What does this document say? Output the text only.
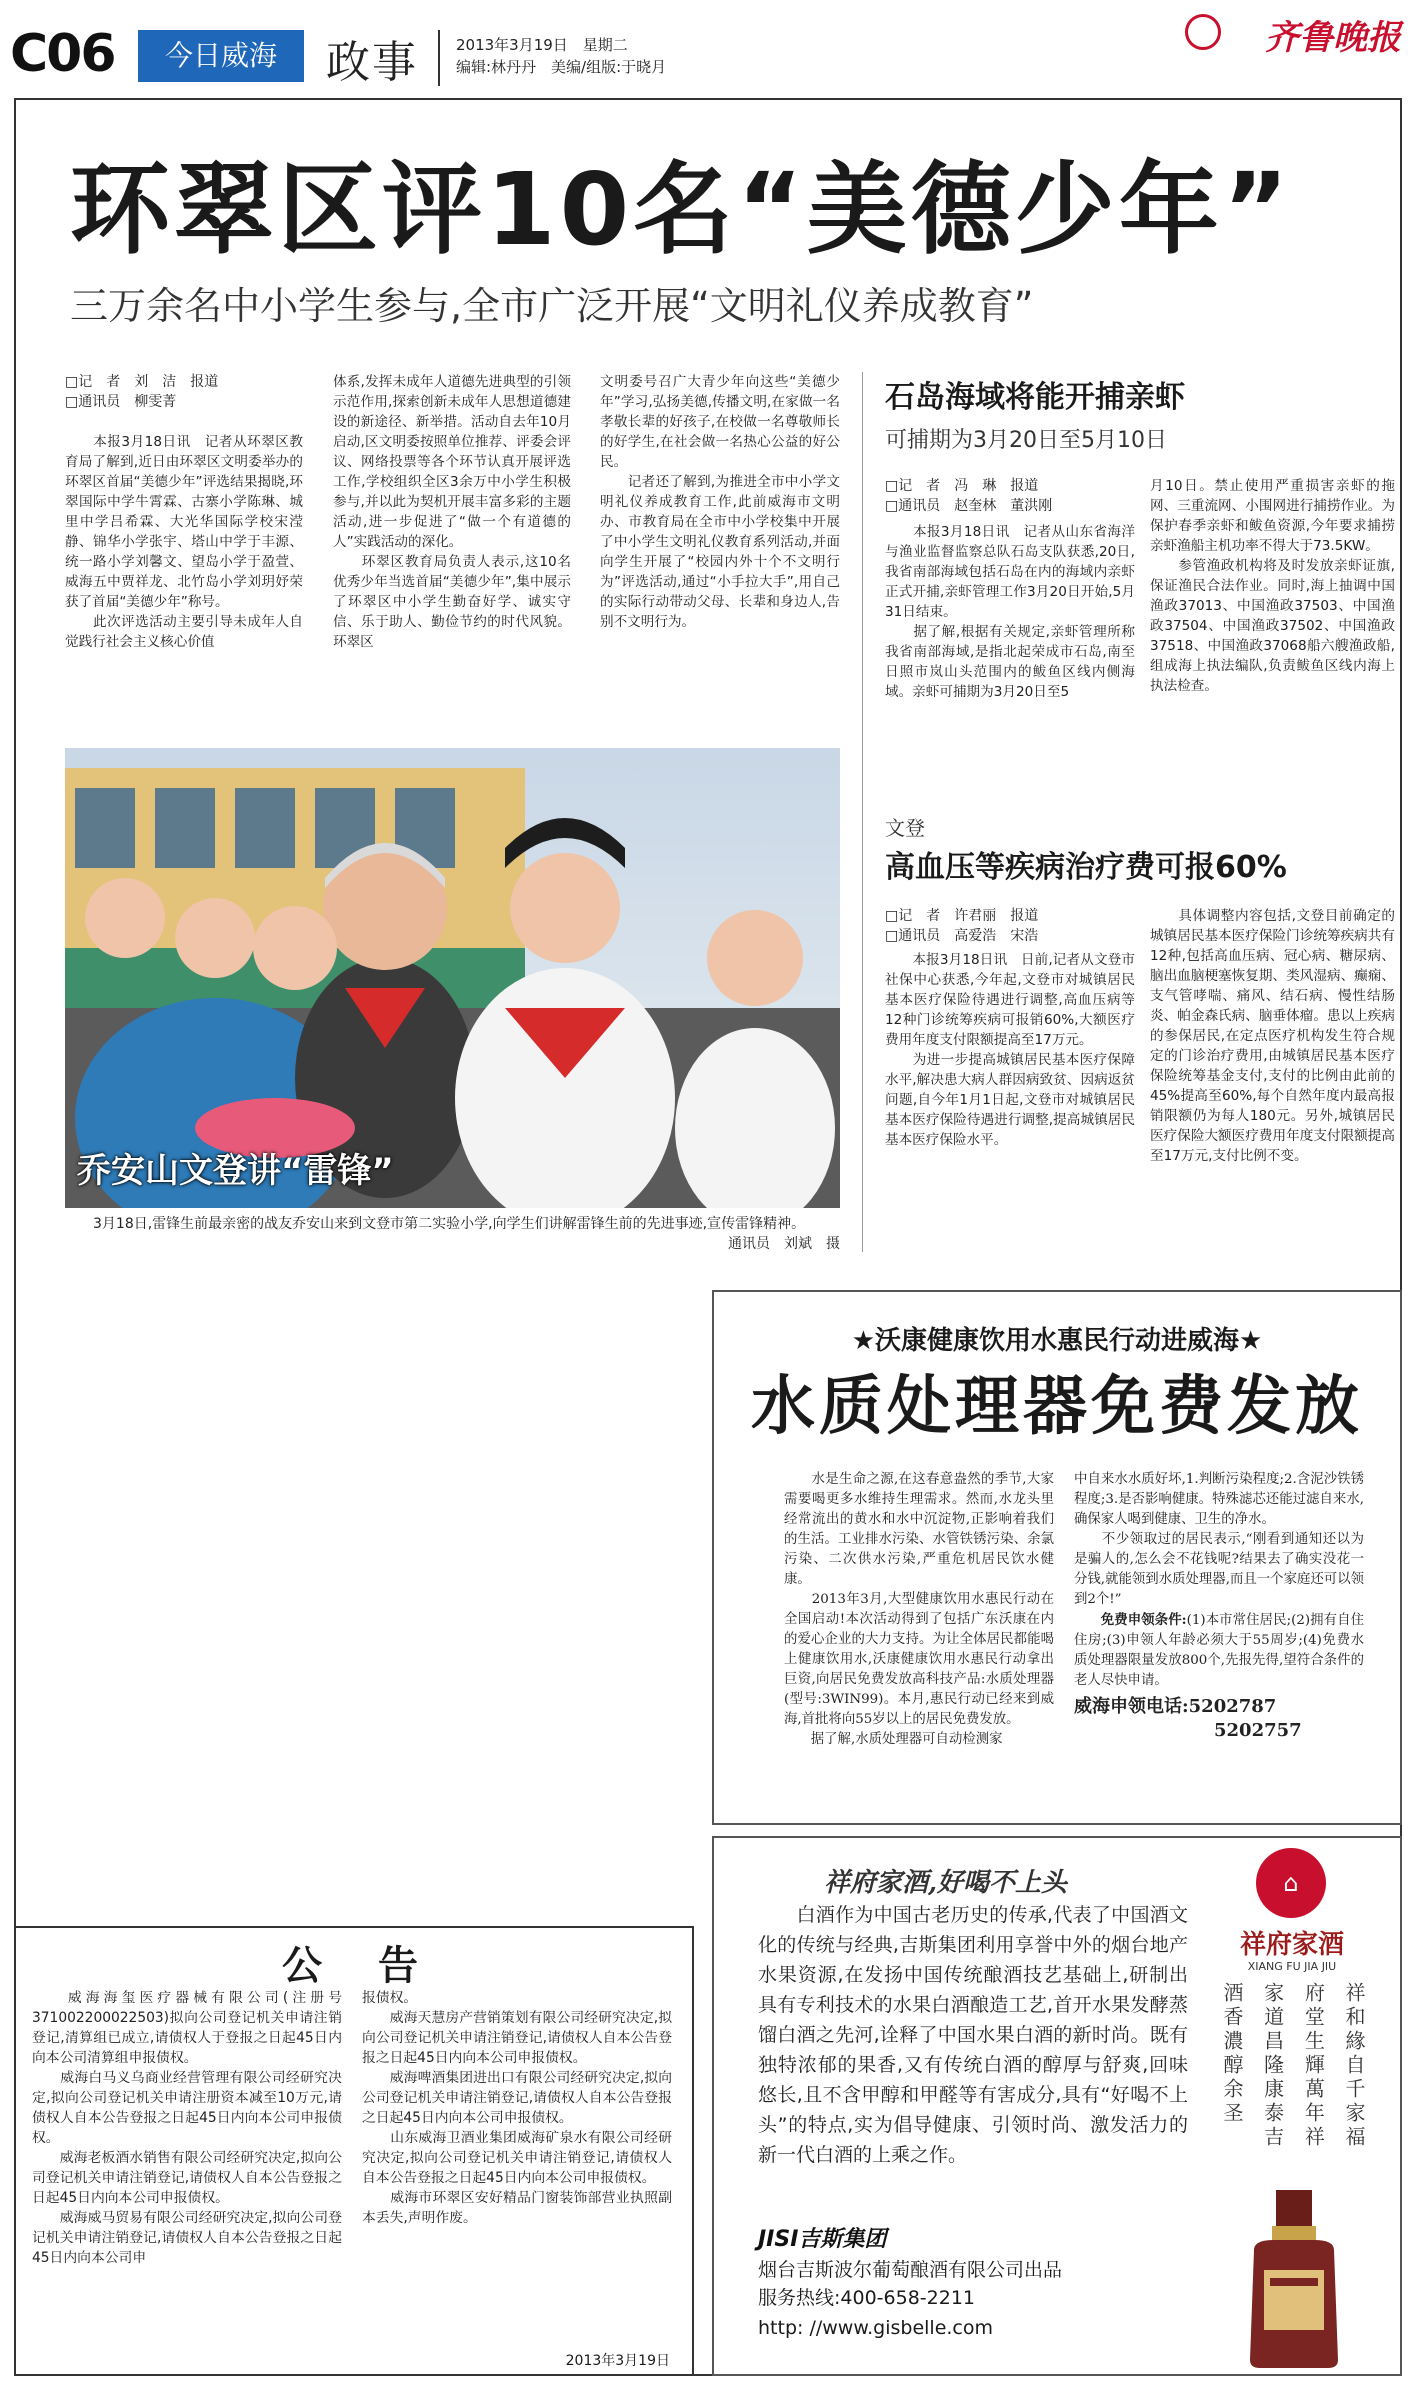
C06	今日威海	政事	2013年3月19日　星期二
编辑:林丹丹　美编/组版:于晓月
齐鲁晚报
环翠区评10名“美德少年”
三万余名中小学生参与,全市广泛开展“文明礼仪养成教育”
□记　者　刘　洁　报道
□通讯员　柳雯菁
　　本报3月18日讯　记者从环翠区教育局了解到,近日由环翠区文明委举办的环翠区首届“美德少年”评选结果揭晓,环翠国际中学牛霄霖、古寨小学陈琳、城里中学吕希霖、大光华国际学校宋滢静、锦华小学张宇、塔山中学于丰源、统一路小学刘馨文、望岛小学于盈萱、威海五中贾祥龙、北竹岛小学刘玥妤荣获了首届“美德少年”称号。
　　此次评选活动主要引导未成年人自觉践行社会主义核心价值
体系,发挥未成年人道德先进典型的引领示范作用,探索创新未成年人思想道德建设的新途径、新举措。活动自去年10月启动,区文明委按照单位推荐、评委会评议、网络投票等各个环节认真开展评选工作,学校组织全区3余万中小学生积极参与,并以此为契机开展丰富多彩的主题活动,进一步促进了“做一个有道德的人”实践活动的深化。
　　环翠区教育局负责人表示,这10名优秀少年当选首届“美德少年”,集中展示了环翠区中小学生勤奋好学、诚实守信、乐于助人、勤俭节约的时代风貌。环翠区
文明委号召广大青少年向这些“美德少年”学习,弘扬美德,传播文明,在家做一名孝敬长辈的好孩子,在校做一名尊敬师长的好学生,在社会做一名热心公益的好公民。
　　记者还了解到,为推进全市中小学文明礼仪养成教育工作,此前威海市文明办、市教育局在全市中小学校集中开展了中小学生文明礼仪教育系列活动,并面向学生开展了“校园内外十个不文明行为”评选活动,通过“小手拉大手”,用自己的实际行动带动父母、长辈和身边人,告别不文明行为。
乔安山文登讲“雷锋”
　　3月18日,雷锋生前最亲密的战友乔安山来到文登市第二实验小学,向学生们讲解雷锋生前的先进事迹,宣传雷锋精神。
通讯员　刘斌　摄
石岛海域将能开捕亲虾
可捕期为3月20日至5月10日
□记　者　冯　琳　报道
□通讯员　赵奎林　董洪刚
　　本报3月18日讯　记者从山东省海洋与渔业监督监察总队石岛支队获悉,20日,我省南部海域包括石岛在内的海域内亲虾正式开捕,亲虾管理工作3月20日开始,5月31日结束。
　　据了解,根据有关规定,亲虾管理所称我省南部海域,是指北起荣成市石岛,南至日照市岚山头范围内的鲅鱼区线内侧海域。亲虾可捕期为3月20日至5
月10日。禁止使用严重损害亲虾的拖网、三重流网、小围网进行捕捞作业。为保护春季亲虾和鲅鱼资源,今年要求捕捞亲虾渔船主机功率不得大于73.5KW。
　　参管渔政机构将及时发放亲虾证旗,保证渔民合法作业。同时,海上抽调中国渔政37013、中国渔政37503、中国渔政37504、中国渔政37502、中国渔政37518、中国渔政37068船六艘渔政船,组成海上执法编队,负责鲅鱼区线内海上执法检查。
文登
高血压等疾病治疗费可报60%
□记　者　许君丽　报道
□通讯员　高爱浩　宋浩
　　本报3月18日讯　日前,记者从文登市社保中心获悉,今年起,文登市对城镇居民基本医疗保险待遇进行调整,高血压病等12种门诊统筹疾病可报销60%,大额医疗费用年度支付限额提高至17万元。
　　为进一步提高城镇居民基本医疗保障水平,解决患大病人群因病致贫、因病返贫问题,自今年1月1日起,文登市对城镇居民基本医疗保险待遇进行调整,提高城镇居民基本医疗保险水平。
　　具体调整内容包括,文登目前确定的城镇居民基本医疗保险门诊统筹疾病共有12种,包括高血压病、冠心病、糖尿病、脑出血脑梗塞恢复期、类风湿病、癫痫、支气管哮喘、痛风、结石病、慢性结肠炎、帕金森氏病、脑垂体瘤。患以上疾病的参保居民,在定点医疗机构发生符合规定的门诊治疗费用,由城镇居民基本医疗保险统筹基金支付,支付的比例由此前的45%提高至60%,每个自然年度内最高报销限额仍为每人180元。另外,城镇居民医疗保险大额医疗费用年度支付限额提高至17万元,支付比例不变。
★沃康健康饮用水惠民行动进威海★
水质处理器免费发放
　　水是生命之源,在这春意盎然的季节,大家需要喝更多水维持生理需求。然而,水龙头里经常流出的黄水和水中沉淀物,正影响着我们的生活。工业排水污染、水管铁锈污染、余氯污染、二次供水污染,严重危机居民饮水健康。
　　2013年3月,大型健康饮用水惠民行动在全国启动!本次活动得到了包括广东沃康在内的爱心企业的大力支持。为让全体居民都能喝上健康饮用水,沃康健康饮用水惠民行动拿出巨资,向居民免费发放高科技产品:水质处理器(型号:3WIN99)。本月,惠民行动已经来到威海,首批将向55岁以上的居民免费发放。
　　据了解,水质处理器可自动检测家
中自来水水质好坏,1.判断污染程度;2.含泥沙铁锈程度;3.是否影响健康。特殊滤芯还能过滤自来水,确保家人喝到健康、卫生的净水。
　　不少领取过的居民表示,“刚看到通知还以为是骗人的,怎么会不花钱呢?结果去了确实没花一分钱,就能领到水质处理器,而且一个家庭还可以领到2个!”
免费申领条件:(1)本市常住居民;(2)拥有自住住房;(3)申领人年龄必须大于55周岁;(4)免费水质处理器限量发放800个,先报先得,望符合条件的老人尽快申请。
威海申领电话:5202787
5202757
祥府家酒,好喝不上头
　　白酒作为中国古老历史的传承,代表了中国酒文化的传统与经典,吉斯集团利用享誉中外的烟台地产水果资源,在发扬中国传统酿酒技艺基础上,研制出具有专利技术的水果白酒酿造工艺,首开水果发酵蒸馏白酒之先河,诠释了中国水果白酒的新时尚。既有独特浓郁的果香,又有传统白酒的醇厚与舒爽,回味悠长,且不含甲醇和甲醛等有害成分,具有“好喝不上头”的特点,实为倡导健康、引领时尚、激发活力的新一代白酒的上乘之作。
⌂
祥府家酒
XIANG FU JIA JIU
祥和緣自千家福
府堂生輝萬年祥
家道昌隆康泰吉
酒香濃醇余圣
JISI吉斯集团
烟台吉斯波尔葡萄酿酒有限公司出品
服务热线:400-658-2211
http: //www.gisbelle.com
公　告
　　威海海玺医疗器械有限公司(注册号371002200022503)拟向公司登记机关申请注销登记,清算组已成立,请债权人于登报之日起45日内向本公司清算组申报债权。
　　威海白马义乌商业经营管理有限公司经研究决定,拟向公司登记机关申请注册资本减至10万元,请债权人自本公告登报之日起45日内向本公司申报债权。
　　威海老板酒水销售有限公司经研究决定,拟向公司登记机关申请注销登记,请债权人自本公告登报之日起45日内向本公司申报债权。
　　威海威马贸易有限公司经研究决定,拟向公司登记机关申请注销登记,请债权人自本公告登报之日起45日内向本公司申
报债权。
　　威海天慧房产营销策划有限公司经研究决定,拟向公司登记机关申请注销登记,请债权人自本公告登报之日起45日内向本公司申报债权。
　　威海啤酒集团进出口有限公司经研究决定,拟向公司登记机关申请注销登记,请债权人自本公告登报之日起45日内向本公司申报债权。
　　山东威海卫酒业集团威海矿泉水有限公司经研究决定,拟向公司登记机关申请注销登记,请债权人自本公告登报之日起45日内向本公司申报债权。
　　威海市环翠区安好精品门窗装饰部营业执照副本丢失,声明作废。
2013年3月19日
